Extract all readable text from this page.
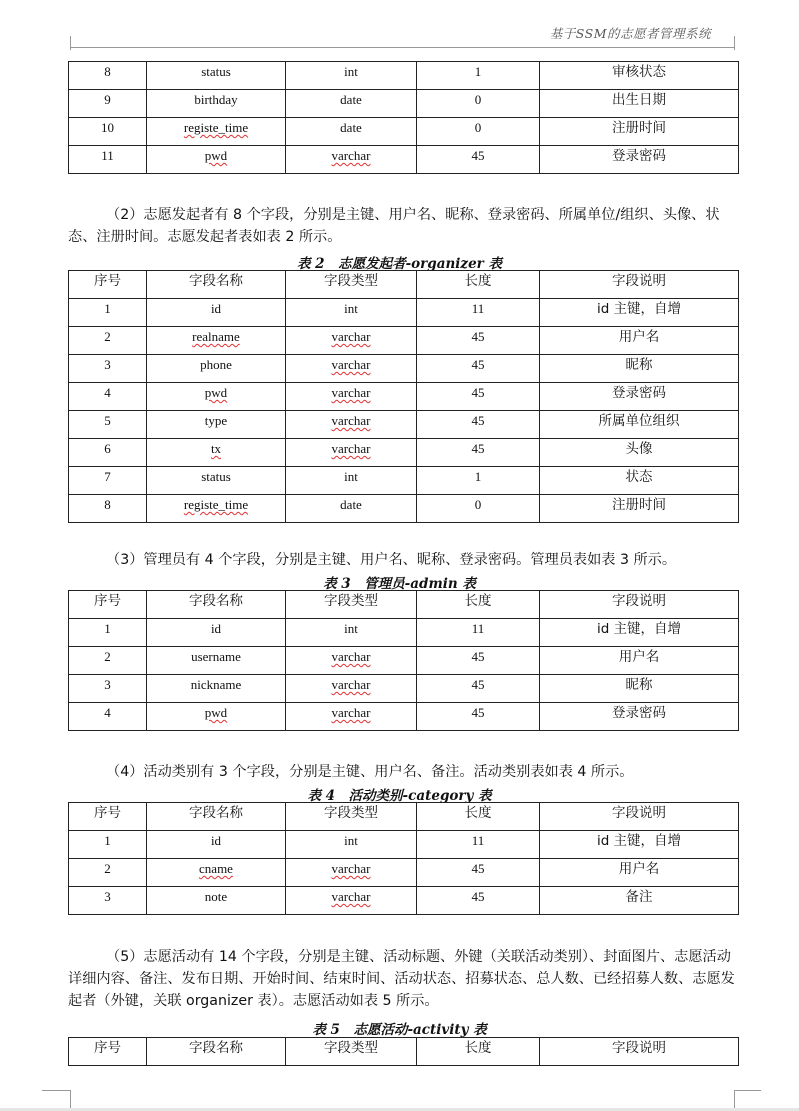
基于SSM的志愿者管理系统
8	status	int	1	审核状态
9	birthday	date	0	出生日期
10	registe_time	date	0	注册时间
11	pwd	varchar	45	登录密码

（2）志愿发起者有 8 个字段，分别是主键、用户名、昵称、登录密码、所属单位/组织、头像、状态、注册时间。志愿发起者表如表 2 所示。

表 2　志愿发起者-organizer 表
序号	字段名称	字段类型	长度	字段说明
1	id	int	11	id 主键，自增
2	realname	varchar	45	用户名
3	phone	varchar	45	昵称
4	pwd	varchar	45	登录密码
5	type	varchar	45	所属单位组织
6	tx	varchar	45	头像
7	status	int	1	状态
8	registe_time	date	0	注册时间

（3）管理员有 4 个字段，分别是主键、用户名、昵称、登录密码。管理员表如表 3 所示。

表 3　管理员-admin 表
序号	字段名称	字段类型	长度	字段说明
1	id	int	11	id 主键，自增
2	username	varchar	45	用户名
3	nickname	varchar	45	昵称
4	pwd	varchar	45	登录密码

（4）活动类别有 3 个字段，分别是主键、用户名、备注。活动类别表如表 4 所示。

表 4　活动类别-category 表
序号	字段名称	字段类型	长度	字段说明
1	id	int	11	id 主键，自增
2	cname	varchar	45	用户名
3	note	varchar	45	备注

（5）志愿活动有 14 个字段，分别是主键、活动标题、外键（关联活动类别）、封面图片、志愿活动详细内容、备注、发布日期、开始时间、结束时间、活动状态、招募状态、总人数、已经招募人数、志愿发起者（外键，关联 organizer 表）。志愿活动如表 5 所示。

表 5　志愿活动-activity 表
序号	字段名称	字段类型	长度	字段说明
